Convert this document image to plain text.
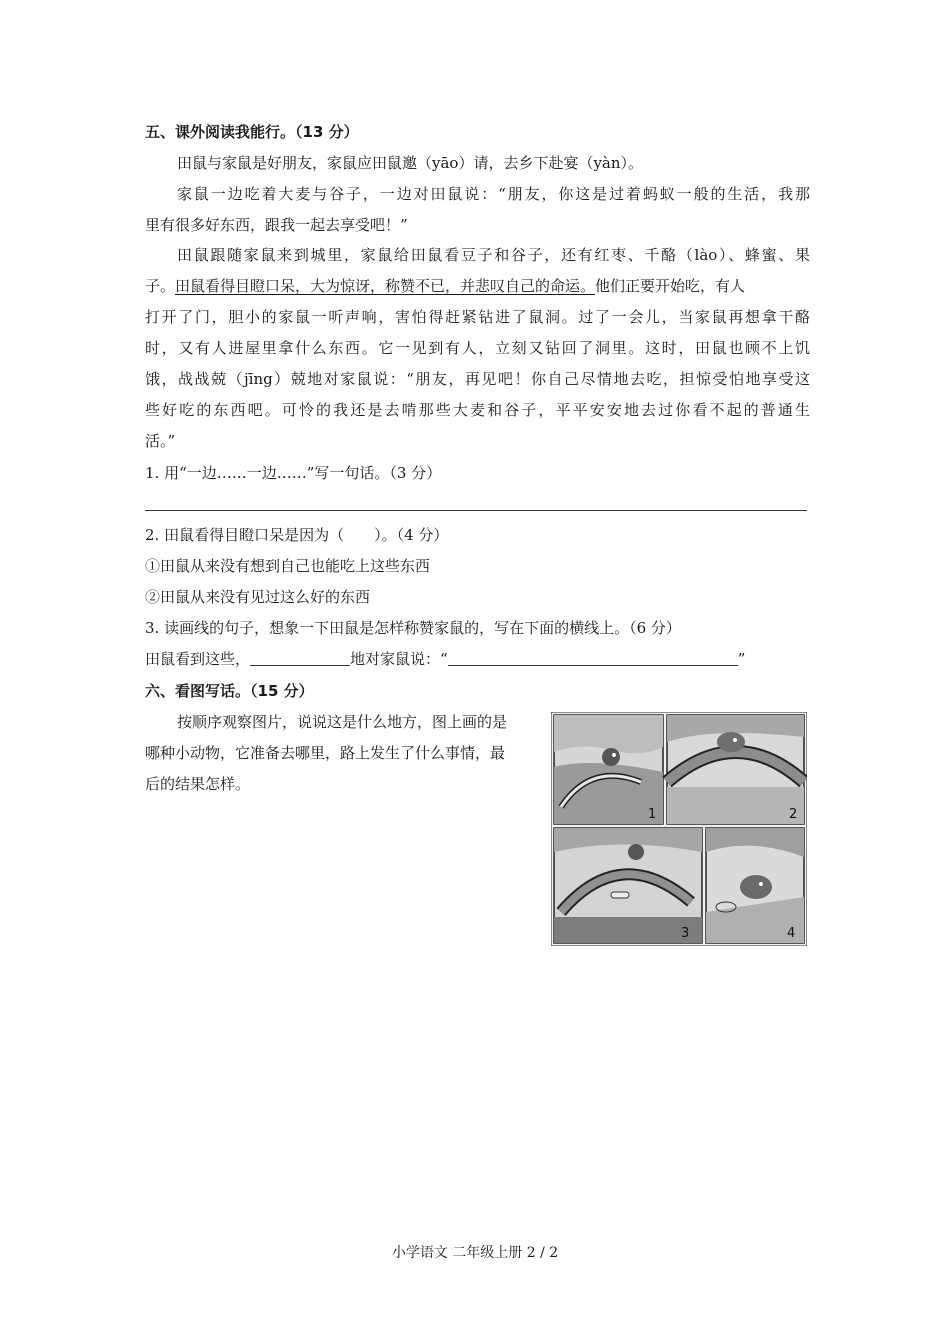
五、课外阅读我能行。（13 分）
田鼠与家鼠是好朋友，家鼠应田鼠邀（yāo）请，去乡下赴宴（yàn）。
家鼠一边吃着大麦与谷子，一边对田鼠说：“朋友，你这是过着蚂蚁一般的生活，我那
里有很多好东西，跟我一起去享受吧！”
田鼠跟随家鼠来到城里，家鼠给田鼠看豆子和谷子，还有红枣、千酪（lào）、蜂蜜、果
子。田鼠看得目瞪口呆，大为惊讶，称赞不已，并悲叹自己的命运。他们正要开始吃，有人
打开了门，胆小的家鼠一听声响，害怕得赶紧钻进了鼠洞。过了一会儿，当家鼠再想拿干酪
时，又有人进屋里拿什么东西。它一见到有人，立刻又钻回了洞里。这时，田鼠也顾不上饥
饿，战战兢（jīng）兢地对家鼠说：“朋友，再见吧！你自己尽情地去吃，担惊受怕地享受这
些好吃的东西吧。可怜的我还是去啃那些大麦和谷子，平平安安地去过你看不起的普通生
活。”
1. 用“一边……一边……”写一句话。（3 分）
2. 田鼠看得目瞪口呆是因为（　　）。（4 分）
①田鼠从来没有想到自己也能吃上这些东西
②田鼠从来没有见过这么好的东西
3. 读画线的句子，想象一下田鼠是怎样称赞家鼠的，写在下面的横线上。（6 分）
田鼠看到这些，	地对家鼠说：“	”
六、看图写话。（15 分）
按顺序观察图片，说说这是什么地方，图上画的是
哪种小动物，它准备去哪里，路上发生了什么事情，最
后的结果怎样。
1	2
3	4
小学语文 二年级上册 2 / 2
